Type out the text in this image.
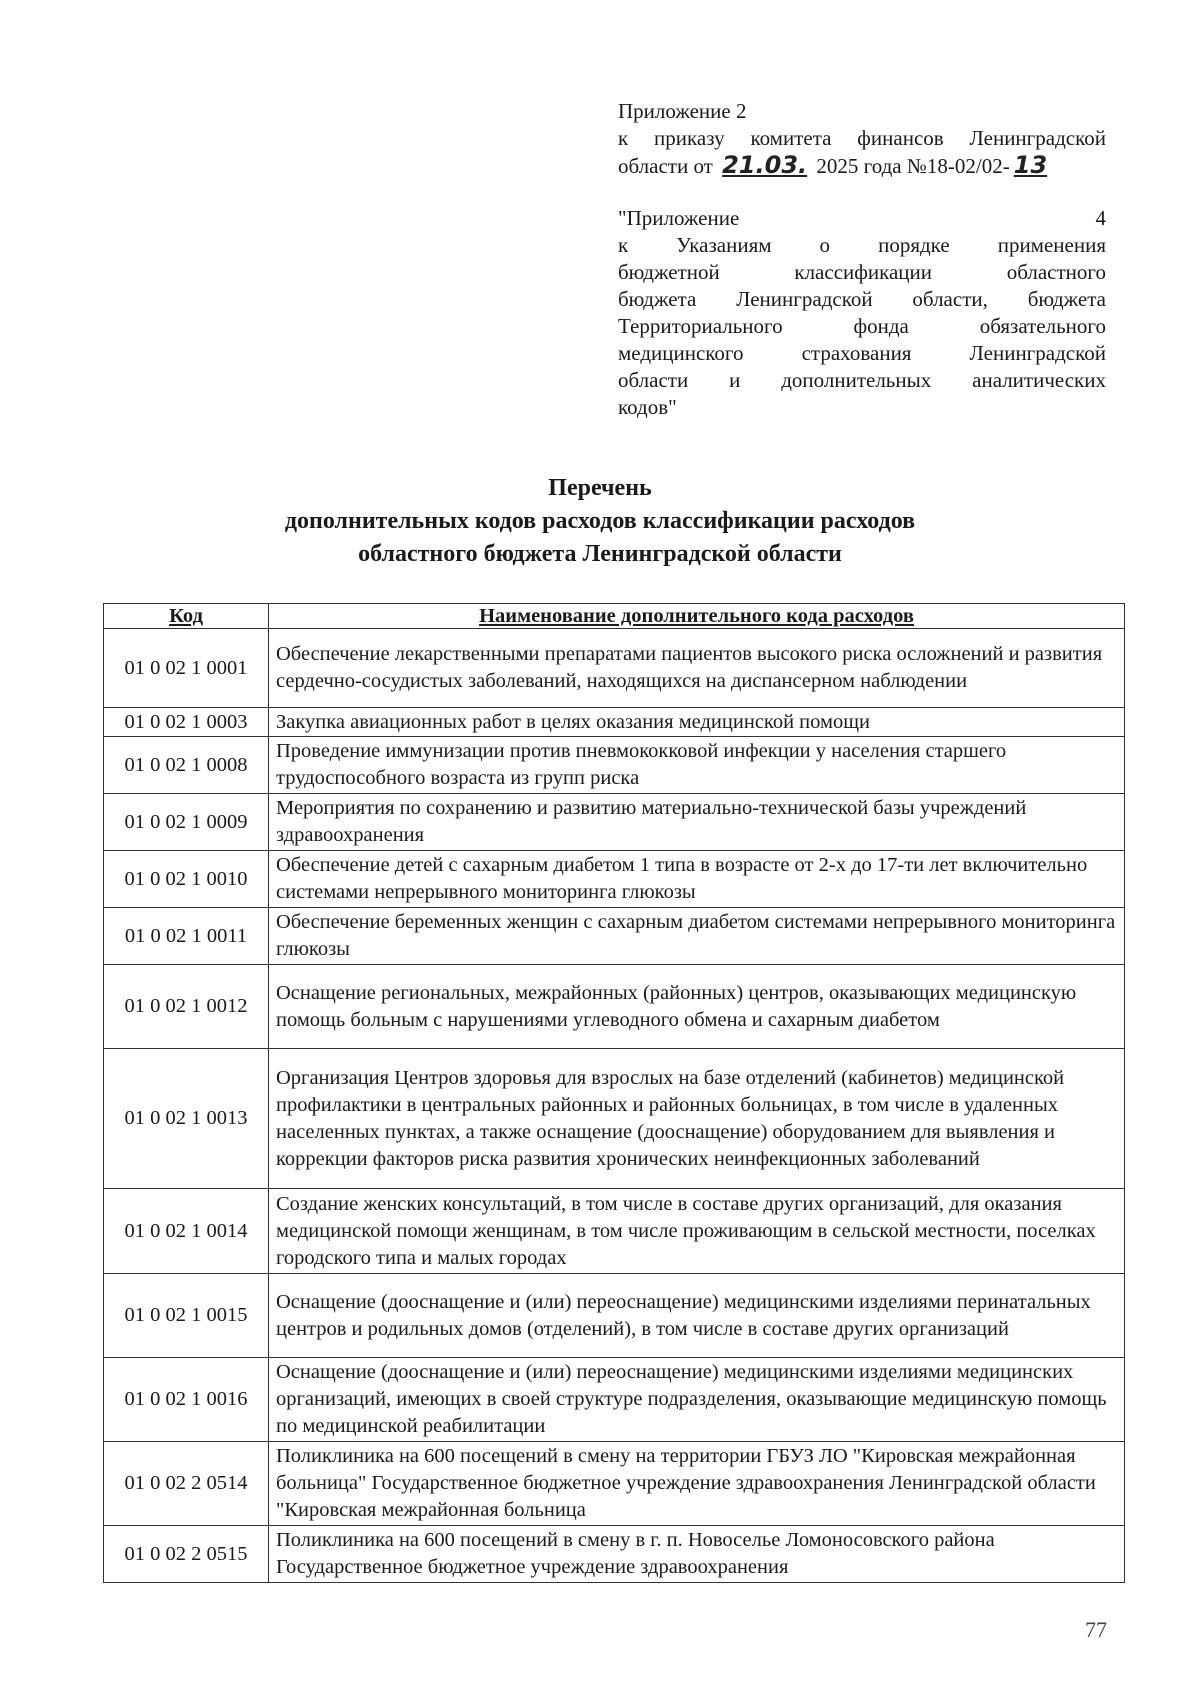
Приложение 2
к приказу комитета финансов Ленинградской
области от 21.03. 2025 года №18-02/02- 13
"Приложение 4
к Указаниям о порядке применения
бюджетной классификации областного
бюджета Ленинградской области, бюджета
Территориального фонда обязательного
медицинского страхования Ленинградской
области и дополнительных аналитических
кодов"
Перечень
дополнительных кодов расходов классификации расходов
областного бюджета Ленинградской области
Код	Наименование дополнительного кода расходов
01 0 02 1 0001	Обеспечение лекарственными препаратами пациентов высокого риска осложнений и развития сердечно-сосудистых заболеваний, находящихся на диспансерном наблюдении
01 0 02 1 0003	Закупка авиационных работ в целях оказания медицинской помощи
01 0 02 1 0008	Проведение иммунизации против пневмококковой инфекции у населения старшего трудоспособного возраста из групп риска
01 0 02 1 0009	Мероприятия по сохранению и развитию материально-технической базы учреждений здравоохранения
01 0 02 1 0010	Обеспечение детей с сахарным диабетом 1 типа в возрасте от 2-х до 17-ти лет включительно системами непрерывного мониторинга глюкозы
01 0 02 1 0011	Обеспечение беременных женщин с сахарным диабетом системами непрерывного мониторинга глюкозы
01 0 02 1 0012	Оснащение региональных, межрайонных (районных) центров, оказывающих медицинскую помощь больным с нарушениями углеводного обмена и сахарным диабетом
01 0 02 1 0013	Организация Центров здоровья для взрослых на базе отделений (кабинетов) медицинской профилактики в центральных районных и районных больницах, в том числе в удаленных населенных пунктах, а также оснащение (дооснащение) оборудованием для выявления и коррекции факторов риска развития хронических неинфекционных заболеваний
01 0 02 1 0014	Создание женских консультаций, в том числе в составе других организаций, для оказания медицинской помощи женщинам, в том числе проживающим в сельской местности, поселках городского типа и малых городах
01 0 02 1 0015	Оснащение (дооснащение и (или) переоснащение) медицинскими изделиями перинатальных центров и родильных домов (отделений), в том числе в составе других организаций
01 0 02 1 0016	Оснащение (дооснащение и (или) переоснащение) медицинскими изделиями медицинских организаций, имеющих в своей структуре подразделения, оказывающие медицинскую помощь по медицинской реабилитации
01 0 02 2 0514	Поликлиника на 600 посещений в смену на территории ГБУЗ ЛО "Кировская межрайонная больница" Государственное бюджетное учреждение здравоохранения Ленинградской области "Кировская межрайонная больница
01 0 02 2 0515	Поликлиника на 600 посещений в смену в г. п. Новоселье Ломоносовского района Государственное бюджетное учреждение здравоохранения
77
